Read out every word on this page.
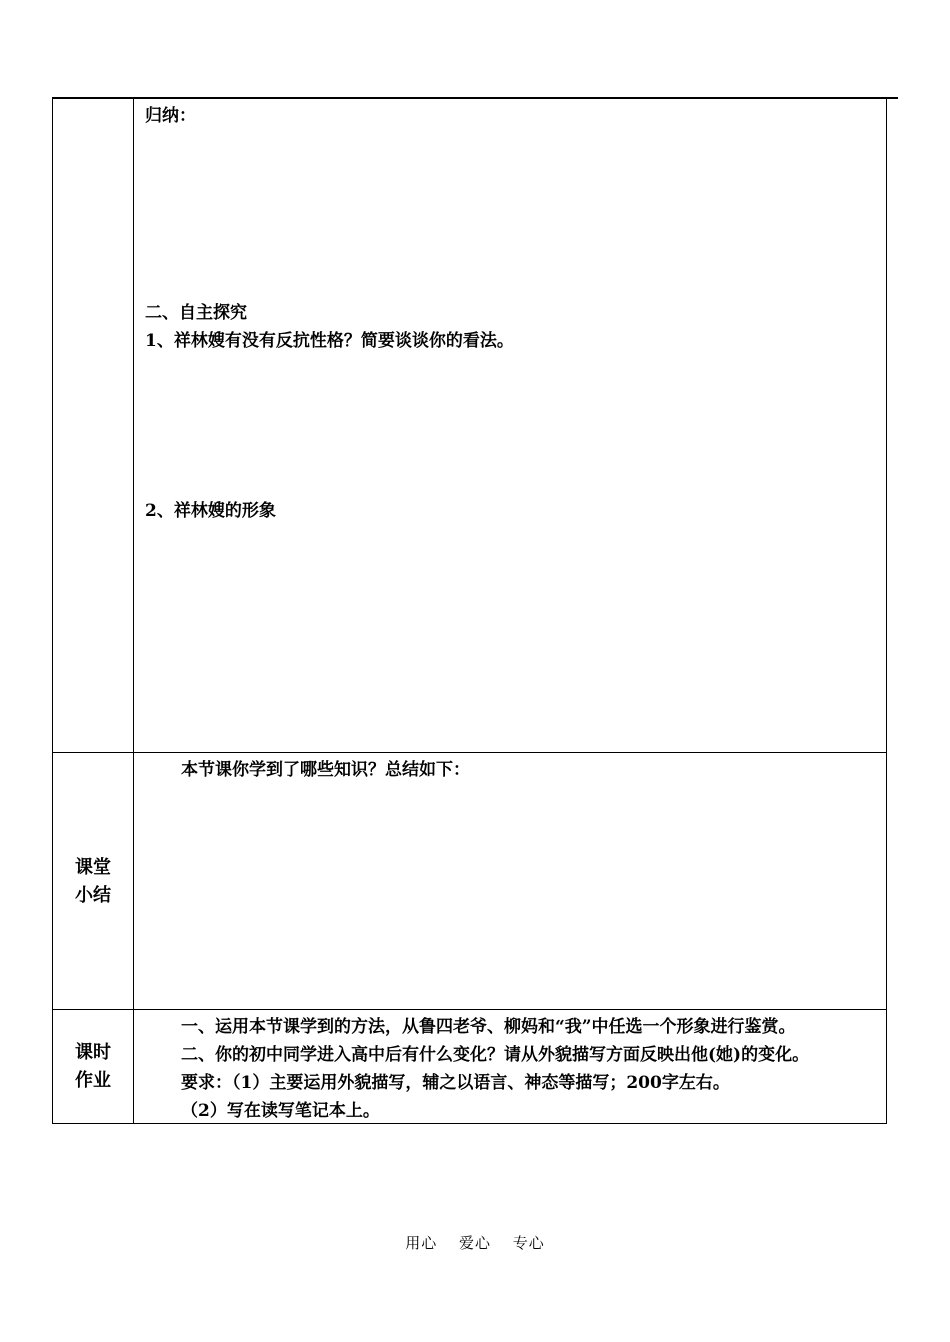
归纳：
二、自主探究
1、祥林嫂有没有反抗性格？简要谈谈你的看法。
2、祥林嫂的形象
课堂
小结
本节课你学到了哪些知识？总结如下：
课时
作业
一、运用本节课学到的方法，从鲁四老爷、柳妈和“我”中任选一个形象进行鉴赏。
二、你的初中同学进入高中后有什么变化？请从外貌描写方面反映出他(她)的变化。
要求：（1）主要运用外貌描写，辅之以语言、神态等描写；200字左右。
（2）写在读写笔记本上。
用心 爱心 专心
